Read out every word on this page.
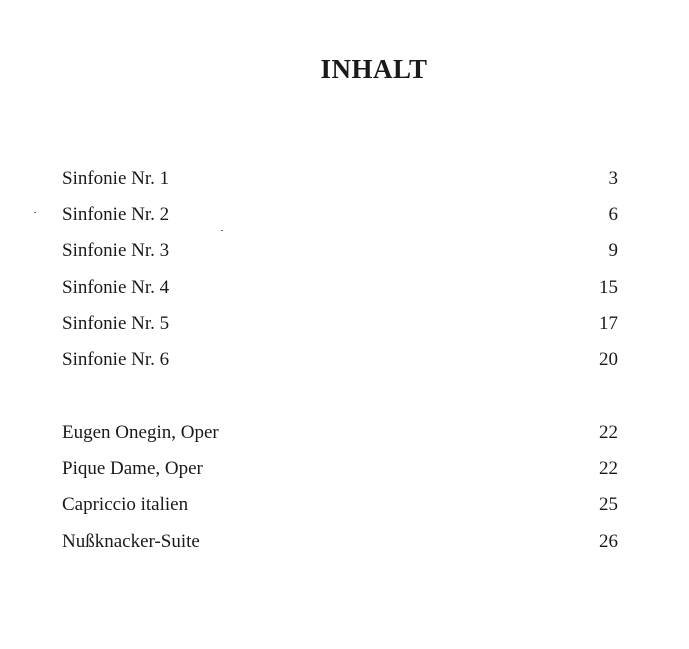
INHALT
Sinfonie Nr. 1	3
Sinfonie Nr. 2	6
Sinfonie Nr. 3	9
Sinfonie Nr. 4	15
Sinfonie Nr. 5	17
Sinfonie Nr. 6	20
Eugen Onegin, Oper	22
Pique Dame, Oper	22
Capriccio italien	25
Nußknacker-Suite	26
